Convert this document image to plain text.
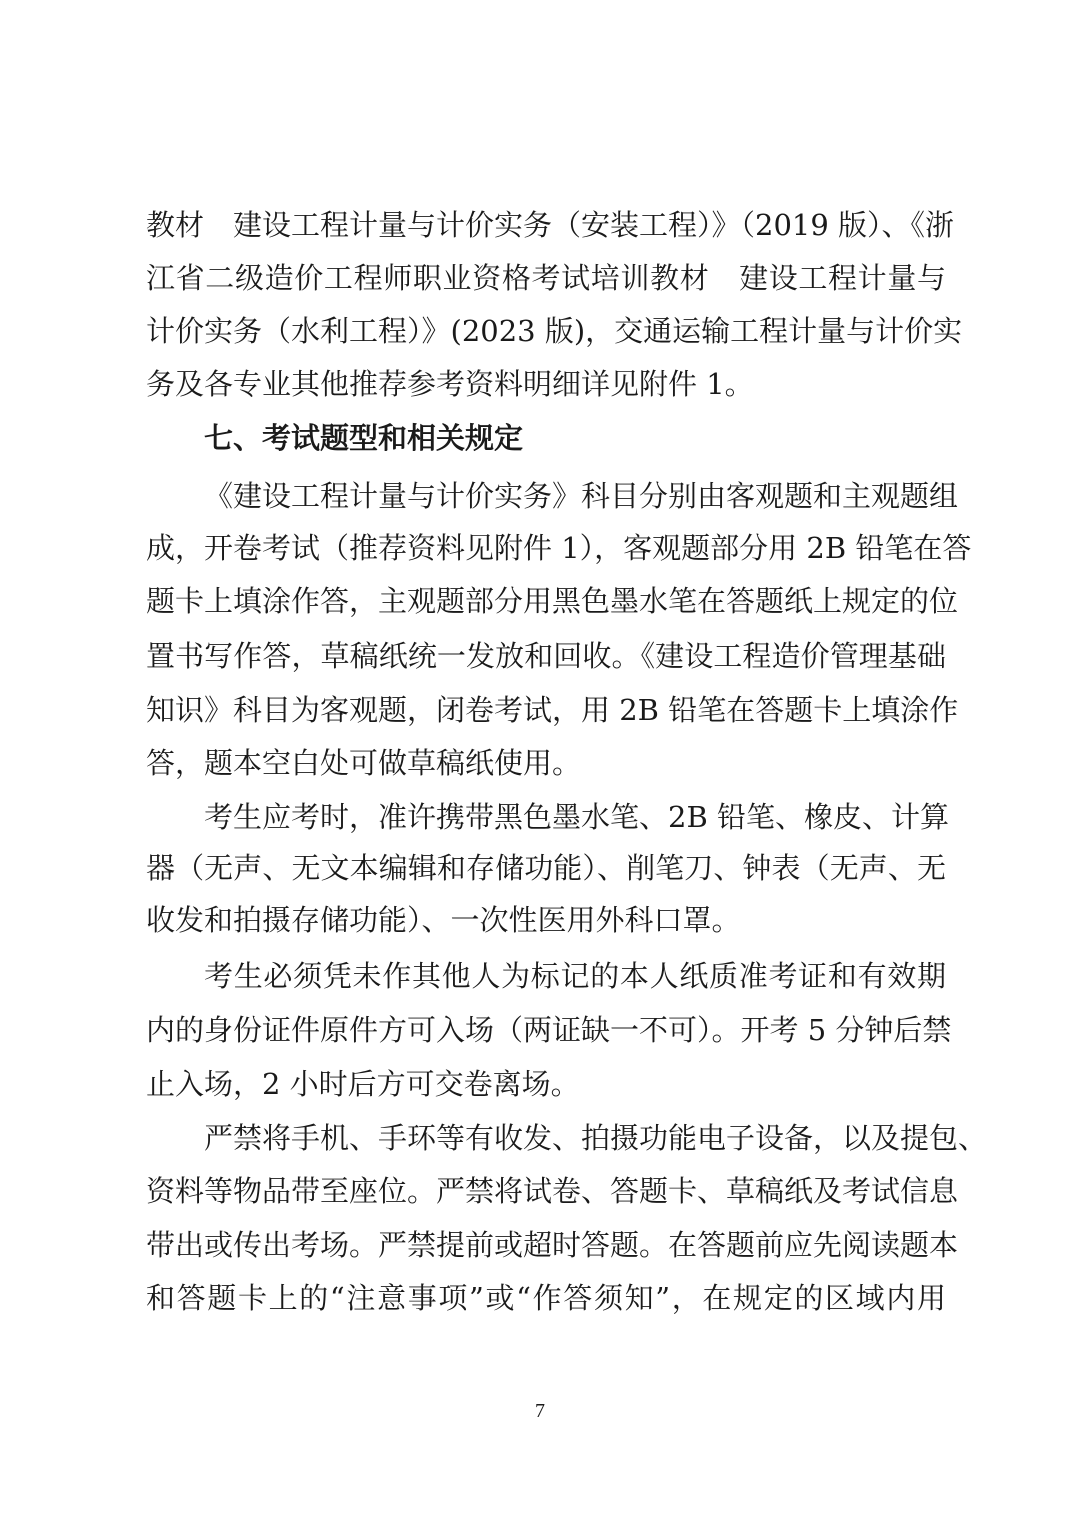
教材　建设工程计量与计价实务（安装工程）》（2019 版）、《浙
江省二级造价工程师职业资格考试培训教材　建设工程计量与
计价实务（水利工程）》(2023 版)，交通运输工程计量与计价实
务及各专业其他推荐参考资料明细详见附件 1。
七、考试题型和相关规定
《建设工程计量与计价实务》科目分别由客观题和主观题组
成，开卷考试（推荐资料见附件 1），客观题部分用 2B 铅笔在答
题卡上填涂作答，主观题部分用黑色墨水笔在答题纸上规定的位
置书写作答，草稿纸统一发放和回收。《建设工程造价管理基础
知识》科目为客观题，闭卷考试，用 2B 铅笔在答题卡上填涂作
答，题本空白处可做草稿纸使用。
考生应考时，准许携带黑色墨水笔、2B 铅笔、橡皮、计算
器（无声、无文本编辑和存储功能）、削笔刀、钟表（无声、无
收发和拍摄存储功能）、一次性医用外科口罩。
考生必须凭未作其他人为标记的本人纸质准考证和有效期
内的身份证件原件方可入场（两证缺一不可）。开考 5 分钟后禁
止入场，2 小时后方可交卷离场。
严禁将手机、手环等有收发、拍摄功能电子设备，以及提包、
资料等物品带至座位。严禁将试卷、答题卡、草稿纸及考试信息
带出或传出考场。严禁提前或超时答题。在答题前应先阅读题本
和答题卡上的“注意事项”或“作答须知”，在规定的区域内用
7
